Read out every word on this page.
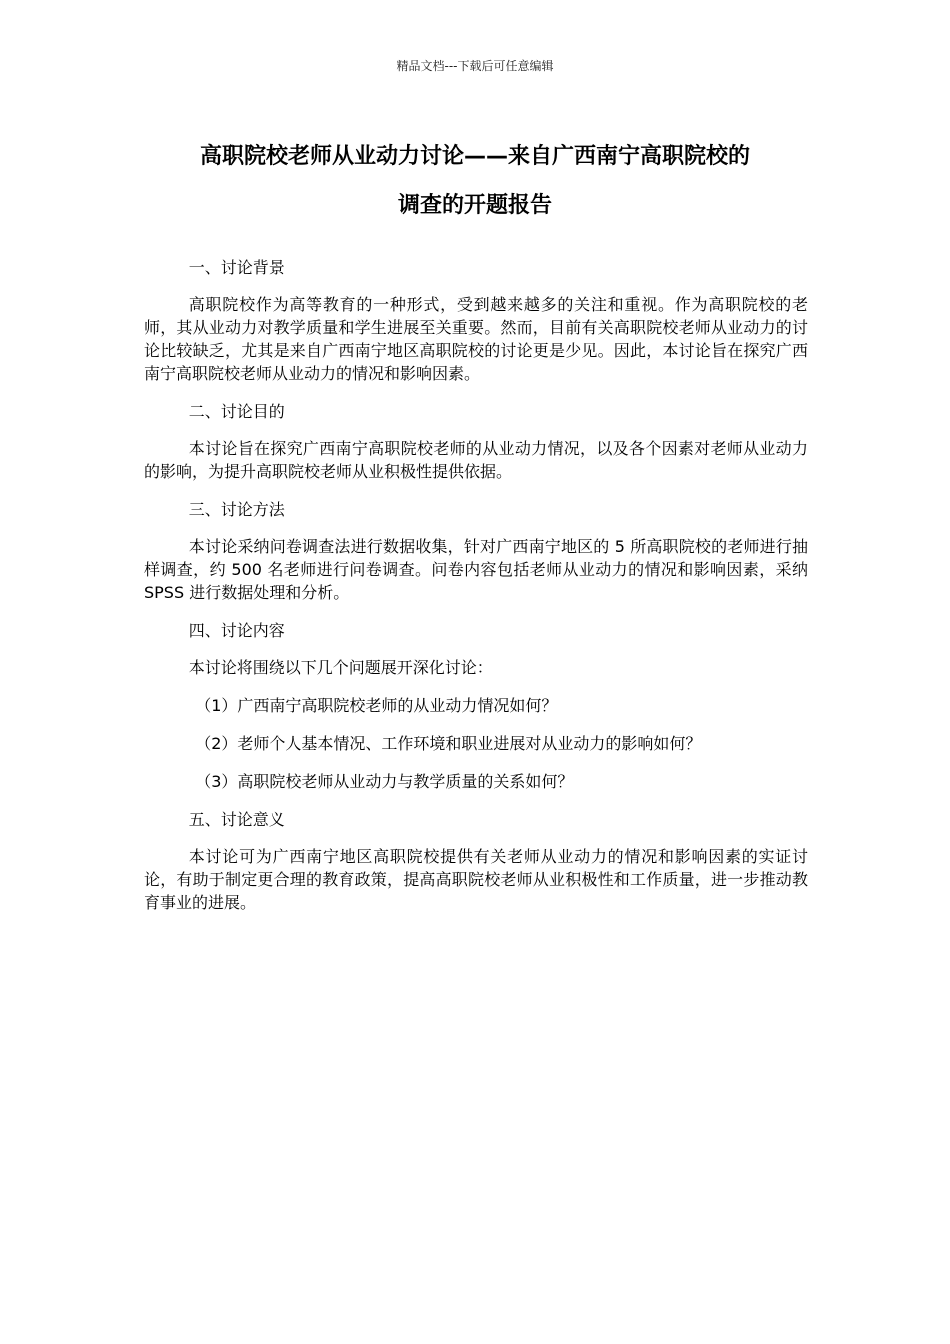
精品文档---下载后可任意编辑
高职院校老师从业动力讨论——来自广西南宁高职院校的
调查的开题报告

一、讨论背景

高职院校作为高等教育的一种形式，受到越来越多的关注和重视。作为高职院校的老师，其从业动力对教学质量和学生进展至关重要。然而，目前有关高职院校老师从业动力的讨论比较缺乏，尤其是来自广西南宁地区高职院校的讨论更是少见。因此，本讨论旨在探究广西南宁高职院校老师从业动力的情况和影响因素。

二、讨论目的

本讨论旨在探究广西南宁高职院校老师的从业动力情况，以及各个因素对老师从业动力的影响，为提升高职院校老师从业积极性提供依据。

三、讨论方法

本讨论采纳问卷调查法进行数据收集，针对广西南宁地区的 5 所高职院校的老师进行抽样调查，约 500 名老师进行问卷调查。问卷内容包括老师从业动力的情况和影响因素，采纳 SPSS 进行数据处理和分析。

四、讨论内容

本讨论将围绕以下几个问题展开深化讨论：

（1）广西南宁高职院校老师的从业动力情况如何？

（2）老师个人基本情况、工作环境和职业进展对从业动力的影响如何？

（3）高职院校老师从业动力与教学质量的关系如何？

五、讨论意义

本讨论可为广西南宁地区高职院校提供有关老师从业动力的情况和影响因素的实证讨论，有助于制定更合理的教育政策，提高高职院校老师从业积极性和工作质量，进一步推动教育事业的进展。
